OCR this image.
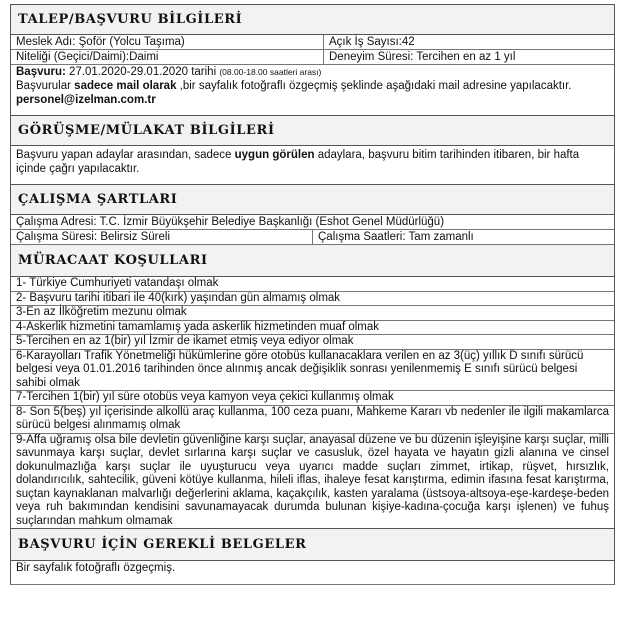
TALEP/BAŞVURU BİLGİLERİ
Meslek Adı: Şoför (Yolcu Taşıma)	Açık İş Sayısı:42
Niteliği (Geçici/Daimi):Daimi	Deneyim Süresi: Tercihen en az 1 yıl
Başvuru: 27.01.2020-29.01.2020 tarihi (08.00-18.00 saatleri arası)
Başvurular sadece mail olarak ,bir sayfalık fotoğraflı özgeçmiş şeklinde aşağıdaki mail adresine yapılacaktır.
personel@izelman.com.tr
GÖRÜŞME/MÜLAKAT BİLGİLERİ
Başvuru yapan adaylar arasından, sadece uygun görülen adaylara, başvuru bitim tarihinden itibaren, bir hafta içinde çağrı yapılacaktır.
ÇALIŞMA ŞARTLARI
Çalışma Adresi: T.C. İzmir Büyükşehir Belediye Başkanlığı (Eshot Genel Müdürlüğü)
Çalışma Süresi: Belirsiz Süreli	Çalışma Saatleri: Tam zamanlı
MÜRACAAT KOŞULLARI
1- Türkiye Cumhuriyeti vatandaşı olmak
2- Başvuru tarihi itibari ile 40(kırk) yaşından gün almamış olmak
3-En az İlköğretim mezunu olmak
4-Askerlik hizmetini tamamlamış yada askerlik hizmetinden muaf olmak
5-Tercihen en az 1(bir) yıl İzmir de ikamet etmiş veya ediyor olmak
6-Karayolları Trafik Yönetmeliği hükümlerine göre otobüs kullanacaklara verilen en az 3(üç) yıllık D sınıfı sürücü belgesi veya 01.01.2016 tarihinden önce alınmış ancak değişiklik sonrası yenilenmemiş E sınıfı sürücü belgesi sahibi olmak
7-Tercihen 1(bir) yıl süre otobüs veya kamyon veya çekici kullanmış olmak
8- Son 5(beş) yıl içerisinde alkollü araç kullanma, 100 ceza puanı, Mahkeme Kararı vb nedenler ile ilgili makamlarca sürücü belgesi alınmamış olmak
9-Affa uğramış olsa bile devletin güvenliğine karşı suçlar, anayasal düzene ve bu düzenin işleyişine karşı suçlar, milli savunmaya karşı suçlar, devlet sırlarına karşı suçlar ve casusluk, özel hayata ve hayatın gizli alanına ve cinsel dokunulmazlığa karşı suçlar ile uyuşturucu veya uyarıcı madde suçları zimmet, irtikap, rüşvet, hırsızlık, dolandırıcılık, sahtecilik, güveni kötüye kullanma, hileli iflas, ihaleye fesat karıştırma, edimin ifasına fesat karıştırma, suçtan kaynaklanan malvarlığı değerlerini aklama, kaçakçılık, kasten yaralama (üstsoya-altsoya-eşe-kardeşe-beden veya ruh bakımından kendisini savunamayacak durumda bulunan kişiye-kadına-çocuğa karşı işlenen) ve fuhuş suçlarından mahkum olmamak
BAŞVURU İÇİN GEREKLİ BELGELER
Bir sayfalık fotoğraflı özgeçmiş.
